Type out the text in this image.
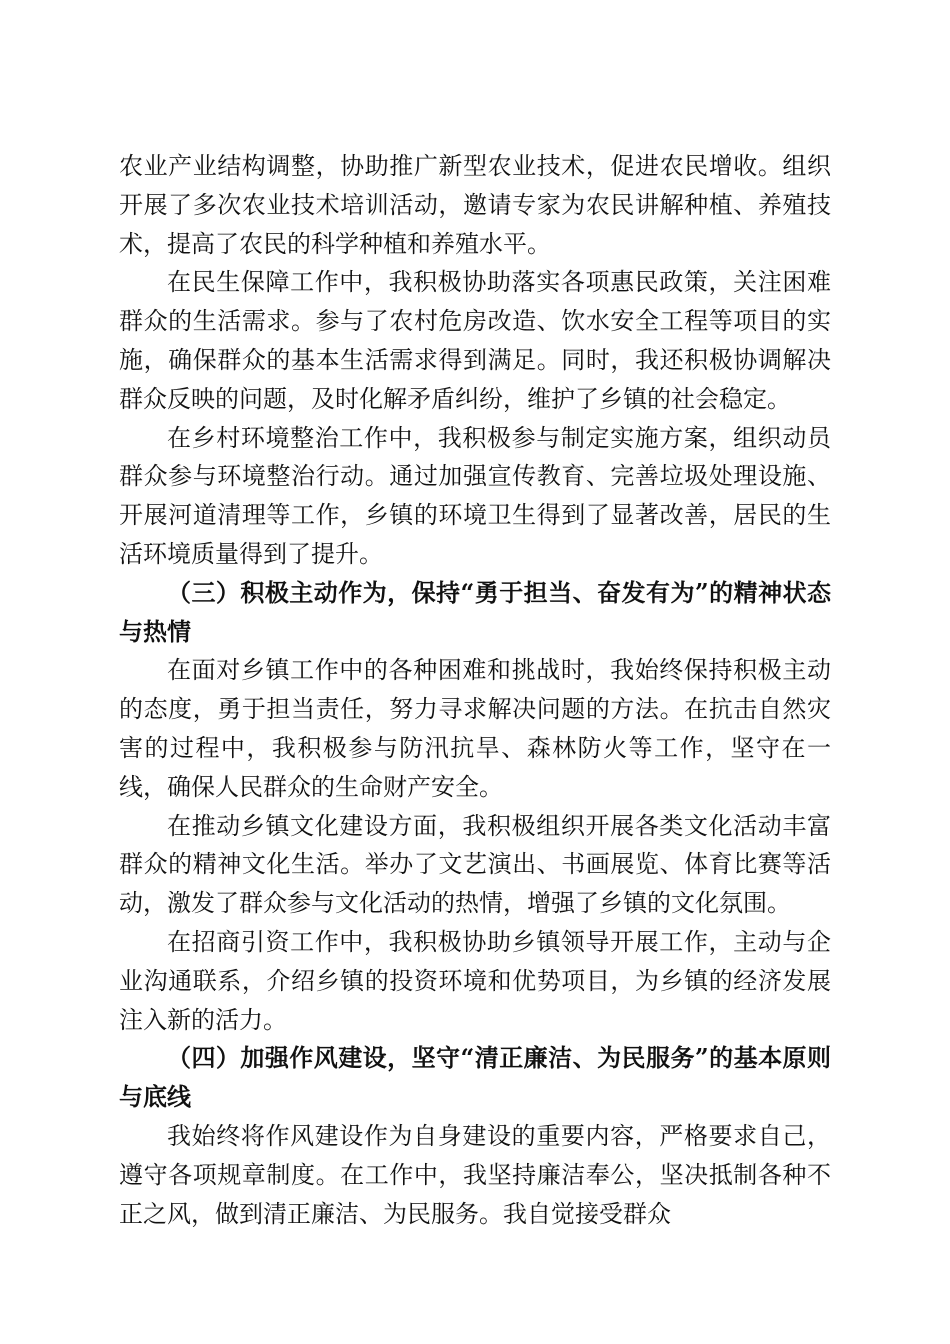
农业产业结构调整，协助推广新型农业技术，促进农民增收。组织开展了多次农业技术培训活动，邀请专家为农民讲解种植、养殖技术，提高了农民的科学种植和养殖水平。

在民生保障工作中，我积极协助落实各项惠民政策，关注困难群众的生活需求。参与了农村危房改造、饮水安全工程等项目的实施，确保群众的基本生活需求得到满足。同时，我还积极协调解决群众反映的问题，及时化解矛盾纠纷，维护了乡镇的社会稳定。

在乡村环境整治工作中，我积极参与制定实施方案，组织动员群众参与环境整治行动。通过加强宣传教育、完善垃圾处理设施、开展河道清理等工作，乡镇的环境卫生得到了显著改善，居民的生活环境质量得到了提升。

（三）积极主动作为，保持“勇于担当、奋发有为”的精神状态与热情

在面对乡镇工作中的各种困难和挑战时，我始终保持积极主动的态度，勇于担当责任，努力寻求解决问题的方法。在抗击自然灾害的过程中，我积极参与防汛抗旱、森林防火等工作，坚守在一线，确保人民群众的生命财产安全。

在推动乡镇文化建设方面，我积极组织开展各类文化活动丰富群众的精神文化生活。举办了文艺演出、书画展览、体育比赛等活动，激发了群众参与文化活动的热情，增强了乡镇的文化氛围。

在招商引资工作中，我积极协助乡镇领导开展工作，主动与企业沟通联系，介绍乡镇的投资环境和优势项目，为乡镇的经济发展注入新的活力。

（四）加强作风建设，坚守“清正廉洁、为民服务”的基本原则与底线

我始终将作风建设作为自身建设的重要内容，严格要求自己，遵守各项规章制度。在工作中，我坚持廉洁奉公，坚决抵制各种不正之风，做到清正廉洁、为民服务。我自觉接受群众
